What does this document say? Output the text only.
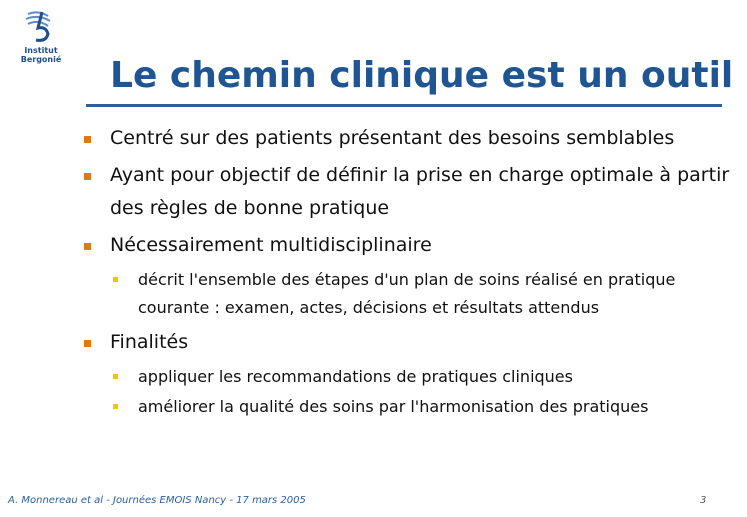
Institut
Bergonié Le chemin clinique est un outil
Centré sur des patients présentant des besoins semblables
Ayant pour objectif de définir la prise en charge optimale à partir des règles de bonne pratique
Nécessairement multidisciplinaire
décrit l'ensemble des étapes d'un plan de soins réalisé en pratique courante : examen, actes, décisions et résultats attendus
Finalités
appliquer les recommandations de pratiques cliniques
améliorer la qualité des soins par l'harmonisation des pratiques
A. Monnereau et al - Journées EMOIS Nancy - 17 mars 2005	3
